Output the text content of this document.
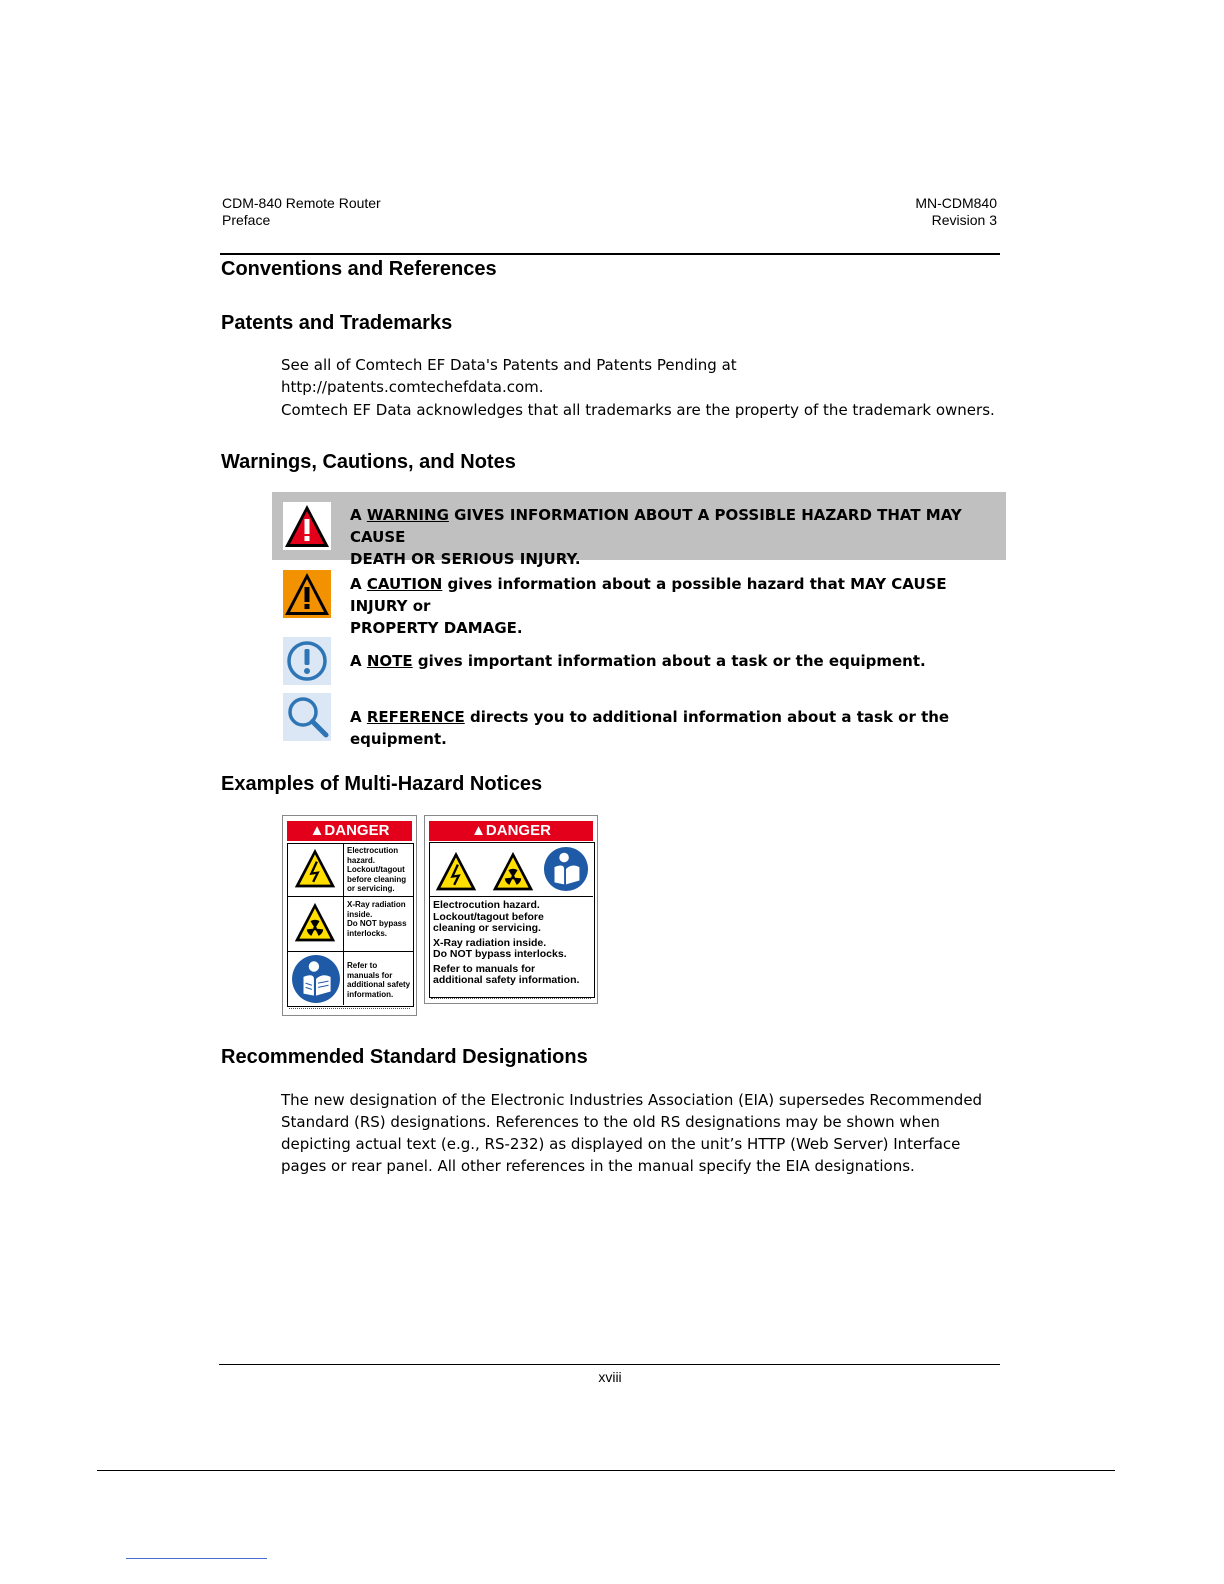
CDM-840 Remote Router
Preface
MN-CDM840
Revision 3
Conventions and References
Patents and Trademarks
See all of Comtech EF Data's Patents and Patents Pending at http://patents.comtechefdata.com.
Comtech EF Data acknowledges that all trademarks are the property of the trademark owners.
Warnings, Cautions, and Notes
A WARNING GIVES INFORMATION ABOUT A POSSIBLE HAZARD THAT MAY CAUSE
DEATH OR SERIOUS INJURY.
A CAUTION gives information about a possible hazard that MAY CAUSE INJURY or
PROPERTY DAMAGE.
A NOTE gives important information about a task or the equipment.
A REFERENCE directs you to additional information about a task or the equipment.
Examples of Multi-Hazard Notices
▲DANGER
Electrocution
hazard.
Lockout/tagout
before cleaning
or servicing.
X-Ray radiation
inside.
Do NOT bypass
interlocks.
Refer to
manuals for
additional safety
information.
▲DANGER
Electrocution hazard.
Lockout/tagout before
cleaning or servicing.
X-Ray radiation inside.
Do NOT bypass interlocks.
Refer to manuals for
additional safety information.
Recommended Standard Designations
The new designation of the Electronic Industries Association (EIA) supersedes Recommended Standard (RS) designations. References to the old RS designations may be shown when depicting actual text (e.g., RS-232) as displayed on the unit’s HTTP (Web Server) Interface pages or rear panel. All other references in the manual specify the EIA designations.
xviii
